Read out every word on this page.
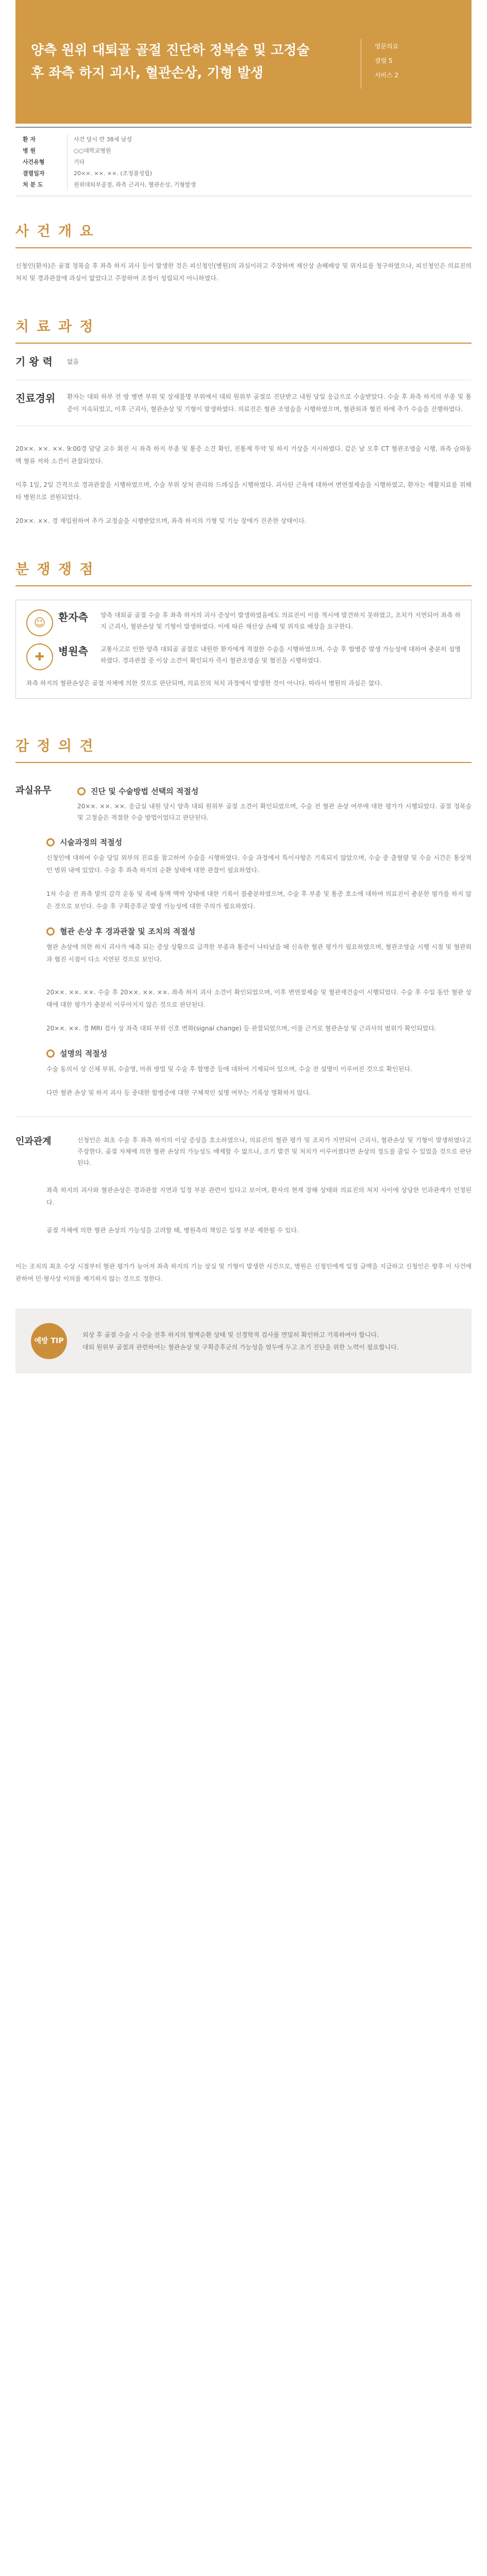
양측 원위 대퇴골 골절 진단하 정복술 및 고정술 후 좌측 하지 괴사, 혈관손상, 기형 발생
영문의료
결렬 5
서비스 2
환 자	사건 당시 만 38세 남성
병 원	○○대학교병원
사건유형	기타
결렬일자	20××. ××. ××. (조정불성립)
처 분 도	원위대퇴부골절, 좌측 근괴사, 혈관손상, 기형발생
사 건 개 요
신청인(환자)은 골절 정복술 후 좌측 하지 괴사 등이 발생한 것은 피신청인(병원)의 과실이라고 주장하며 재산상 손해배상 및 위자료를 청구하였으나, 피신청인은 의료진의 처치 및 경과관찰에 과실이 없었다고 주장하여 조정이 성립되지 아니하였다.
치 료 과 정
기 왕 력	없음
진료경위	환자는 대퇴 하부 전 방 병변 부위 및 상세불명 부위에서 대퇴 원위부 골절로 진단받고 내원 당일 응급으로 수술받았다. 수술 후 좌측 하지의 부종 및 통증이 지속되었고, 이후 근괴사, 혈관손상 및 기형이 발생하였다. 의료진은 혈관 조영술을 시행하였으며, 혈관외과 협진 하에 추가 수술을 진행하였다.
20××. ××. ××. 9:00경 담당 교수 회진 시 좌측 하지 부종 및 통증 소견 확인, 진통제 투약 및 하지 거상을 지시하였다. 같은 날 오후 CT 혈관조영술 시행, 좌측 슬와동맥 혈류 저하 소견이 관찰되었다.
이후 1일, 2일 간격으로 경과관찰을 시행하였으며, 수술 부위 상처 관리와 드레싱을 시행하였다. 괴사된 근육에 대하여 변연절제술을 시행하였고, 환자는 재활치료를 위해 타 병원으로 전원되었다.
20××. ××. 경 재입원하여 추가 교정술을 시행받았으며, 좌측 하지의 기형 및 기능 장애가 잔존한 상태이다.
분 쟁 쟁 점
☺	환자측	양측 대퇴골 골절 수술 후 좌측 하지의 괴사 증상이 발생하였음에도 의료진이 이를 적시에 발견하지 못하였고, 조치가 지연되어 좌측 하지 근괴사, 혈관손상 및 기형이 발생하였다. 이에 따른 재산상 손해 및 위자료 배상을 요구한다.
✚	병원측	교통사고로 인한 양측 대퇴골 골절로 내원한 환자에게 적절한 수술을 시행하였으며, 수술 후 합병증 발생 가능성에 대하여 충분히 설명하였다. 경과관찰 중 이상 소견이 확인되자 즉시 혈관조영술 및 협진을 시행하였다.
좌측 하지의 혈관손상은 골절 자체에 의한 것으로 판단되며, 의료진의 처치 과정에서 발생한 것이 아니다. 따라서 병원의 과실은 없다.
감 정 의 견
과실유무	진단 및 수술방법 선택의 적절성
20××. ××. ××. 응급실 내원 당시 양측 대퇴 원위부 골절 소견이 확인되었으며, 수술 전 혈관 손상 여부에 대한 평가가 시행되었다. 골절 정복술 및 고정술은 적절한 수술 방법이었다고 판단된다.
시술과정의 적절성
신청인에 대하여 수술 당일 외부의 진료를 참고하여 수술을 시행하였다. 수술 과정에서 특이사항은 기록되지 않았으며, 수술 중 출혈량 및 수술 시간은 통상적인 범위 내에 있었다. 수술 후 좌측 하지의 순환 상태에 대한 관찰이 필요하였다.
1차 수술 전 좌측 발의 감각 운동 및 족배 동맥 맥박 상태에 대한 기록이 불충분하였으며, 수술 후 부종 및 통증 호소에 대하여 의료진이 충분한 평가를 하지 않은 것으로 보인다. 수술 후 구획증후군 발생 가능성에 대한 주의가 필요하였다.
혈관 손상 후 경과관찰 및 조치의 적절성
혈관 손상에 의한 하지 괴사가 예측 되는 증상 상황으로 급격한 부종과 통증이 나타났을 때 신속한 혈관 평가가 필요하였으며, 혈관조영술 시행 시점 및 혈관외과 협진 시점이 다소 지연된 것으로 보인다.
20××. ××. ××. 수술 후 20××. ××. ××. 좌측 하지 괴사 소견이 확인되었으며, 이후 변연절제술 및 혈관재건술이 시행되었다. 수술 후 수일 동안 혈관 상태에 대한 평가가 충분히 이루어지지 않은 것으로 판단된다.
20××. ××. 경 MRI 검사 상 좌측 대퇴 부위 신호 변화(signal change) 등 관찰되었으며, 이를 근거로 혈관손상 및 근괴사의 범위가 확인되었다.
설명의 적절성
수술 동의서 상 신체 부위, 수술명, 마취 방법 및 수술 후 합병증 등에 대하여 기재되어 있으며, 수술 전 설명이 이루어진 것으로 확인된다.
다만 혈관 손상 및 하지 괴사 등 중대한 합병증에 대한 구체적인 설명 여부는 기록상 명확하지 않다.
인과관계	신청인은 최초 수술 후 좌측 하지의 이상 증상을 호소하였으나, 의료진의 혈관 평가 및 조치가 지연되어 근괴사, 혈관손상 및 기형이 발생하였다고 주장한다. 골절 자체에 의한 혈관 손상의 가능성도 배제할 수 없으나, 조기 발견 및 처치가 이루어졌다면 손상의 정도를 줄일 수 있었을 것으로 판단된다.
좌측 하지의 괴사와 혈관손상은 경과관찰 지연과 일정 부분 관련이 있다고 보이며, 환자의 현재 장해 상태와 의료진의 처치 사이에 상당한 인과관계가 인정된다.
골절 자체에 의한 혈관 손상의 가능성을 고려할 때, 병원측의 책임은 일정 부분 제한될 수 있다.
이는 조치의 최초 수상 시점부터 혈관 평가가 늦어져 좌측 하지의 기능 상실 및 기형이 발생한 사건으로, 병원은 신청인에게 일정 금액을 지급하고 신청인은 향후 이 사건에 관하여 민·형사상 이의를 제기하지 않는 것으로 정한다.
예방 TIP
외상 후 골절 수술 시 수술 전후 하지의 혈액순환 상태 및 신경학적 검사를 면밀히 확인하고 기록하여야 합니다.
대퇴 원위부 골절과 관련하여는 혈관손상 및 구획증후군의 가능성을 염두에 두고 조기 진단을 위한 노력이 필요합니다.
